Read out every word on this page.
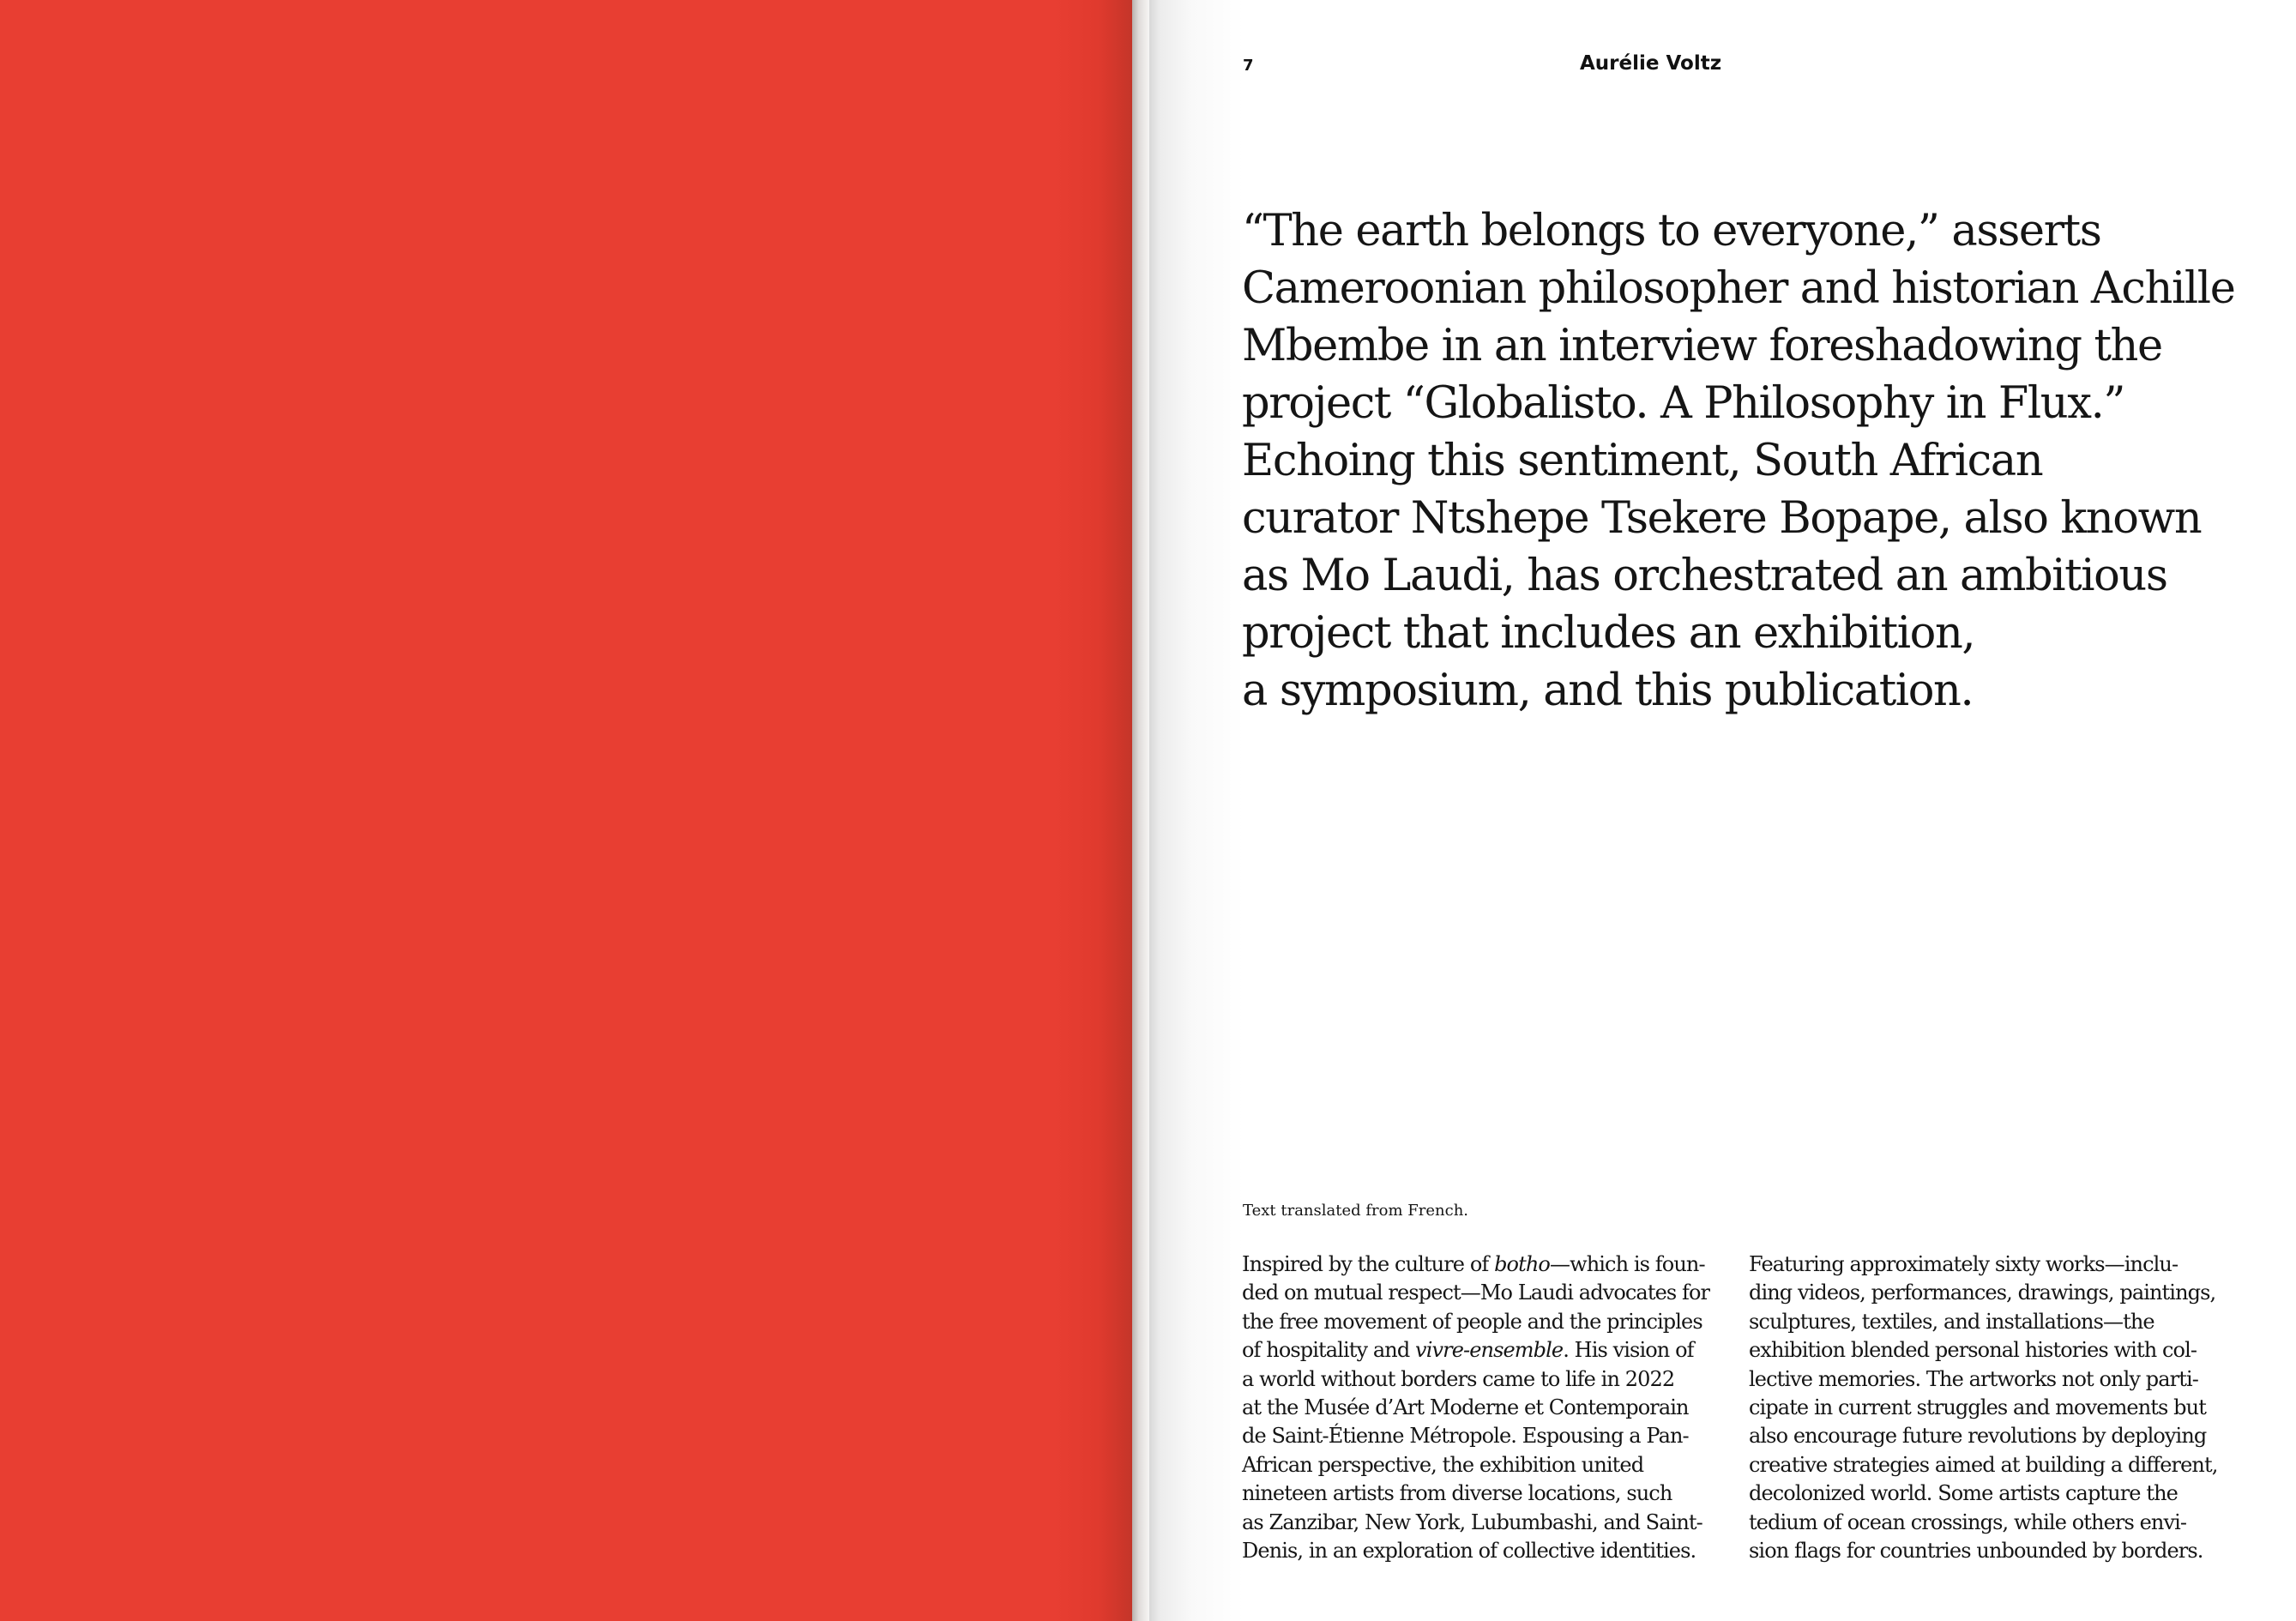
7	Aurélie Voltz

“The earth belongs to everyone,” asserts
Cameroonian philosopher and historian Achille
Mbembe in an interview foreshadowing the
project “Globalisto. A Philosophy in Flux.”
Echoing this sentiment, South African
curator Ntshepe Tsekere Bopape, also known
as Mo Laudi, has orchestrated an ambitious
project that includes an exhibition,
a symposium, and this publication.

Text translated from French.
Inspired by the culture of botho—which is foun-
ded on mutual respect—Mo Laudi advocates for
the free movement of people and the principles
of hospitality and vivre-ensemble. His vision of
a world without borders came to life in 2022
at the Musée d’Art Moderne et Contemporain
de Saint-Étienne Métropole. Espousing a Pan-
African perspective, the exhibition united
nineteen artists from diverse locations, such
as Zanzibar, New York, Lubumbashi, and Saint-
Denis, in an exploration of collective identities.
Featuring approximately sixty works—inclu-
ding videos, performances, drawings, paintings,
sculptures, textiles, and installations—the
exhibition blended personal histories with col-
lective memories. The artworks not only parti-
cipate in current struggles and movements but
also encourage future revolutions by deploying
creative strategies aimed at building a different,
decolonized world. Some artists capture the
tedium of ocean crossings, while others envi-
sion flags for countries unbounded by borders.
